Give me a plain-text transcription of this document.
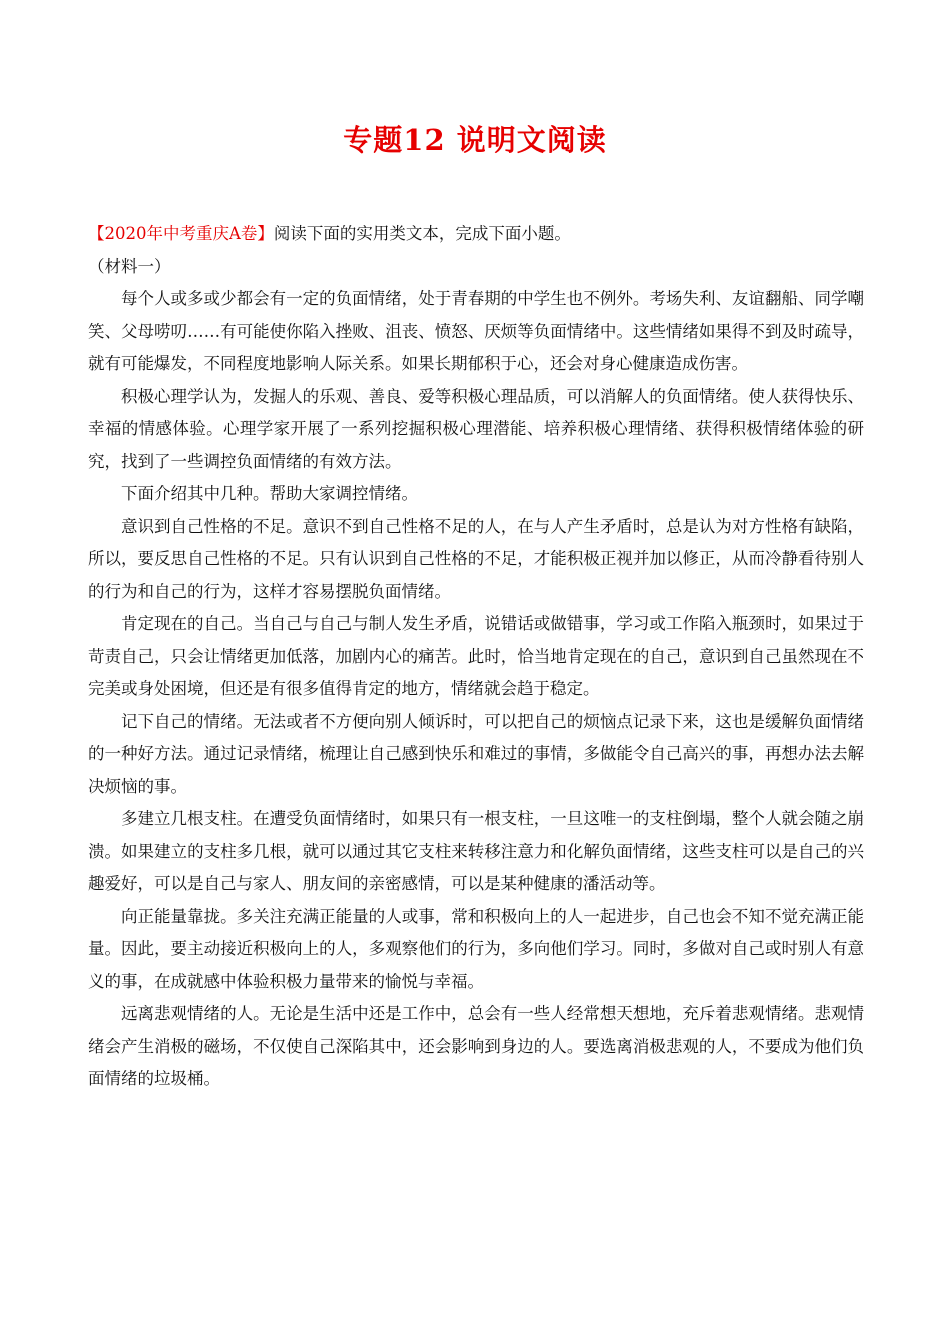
专题12 说明文阅读

【2020年中考重庆A卷】阅读下面的实用类文本，完成下面小题。

（材料一）

每个人或多或少都会有一定的负面情绪，处于青春期的中学生也不例外。考场失利、友谊翻船、同学嘲笑、父母唠叨……有可能使你陷入挫败、沮丧、愤怒、厌烦等负面情绪中。这些情绪如果得不到及时疏导，就有可能爆发，不同程度地影响人际关系。如果长期郁积于心，还会对身心健康造成伤害。

积极心理学认为，发掘人的乐观、善良、爱等积极心理品质，可以消解人的负面情绪。使人获得快乐、幸福的情感体验。心理学家开展了一系列挖掘积极心理潜能、培养积极心理情绪、获得积极情绪体验的研究，找到了一些调控负面情绪的有效方法。

下面介绍其中几种。帮助大家调控情绪。

意识到自己性格的不足。意识不到自己性格不足的人，在与人产生矛盾时，总是认为对方性格有缺陷，所以，要反思自己性格的不足。只有认识到自己性格的不足，才能积极正视并加以修正，从而冷静看待别人的行为和自己的行为，这样才容易摆脱负面情绪。

肯定现在的自己。当自己与自己与制人发生矛盾，说错话或做错事，学习或工作陷入瓶颈时，如果过于苛责自己，只会让情绪更加低落，加剧内心的痛苦。此时，恰当地肯定现在的自己，意识到自己虽然现在不完美或身处困境，但还是有很多值得肯定的地方，情绪就会趋于稳定。

记下自己的情绪。无法或者不方便向别人倾诉时，可以把自己的烦恼点记录下来，这也是缓解负面情绪的一种好方法。通过记录情绪，梳理让自己感到快乐和难过的事情，多做能令自己高兴的事，再想办法去解决烦恼的事。

多建立几根支柱。在遭受负面情绪时，如果只有一根支柱，一旦这唯一的支柱倒塌，整个人就会随之崩溃。如果建立的支柱多几根，就可以通过其它支柱来转移注意力和化解负面情绪，这些支柱可以是自己的兴趣爱好，可以是自己与家人、朋友间的亲密感情，可以是某种健康的潘活动等。

向正能量靠拢。多关注充满正能量的人或事，常和积极向上的人一起进步，自己也会不知不觉充满正能量。因此，要主动接近积极向上的人，多观察他们的行为，多向他们学习。同时，多做对自己或时别人有意义的事，在成就感中体验积极力量带来的愉悦与幸福。

远离悲观情绪的人。无论是生活中还是工作中，总会有一些人经常想天想地，充斥着悲观情绪。悲观情绪会产生消极的磁场，不仅使自己深陷其中，还会影响到身边的人。要选离消极悲观的人，不要成为他们负面情绪的垃圾桶。
